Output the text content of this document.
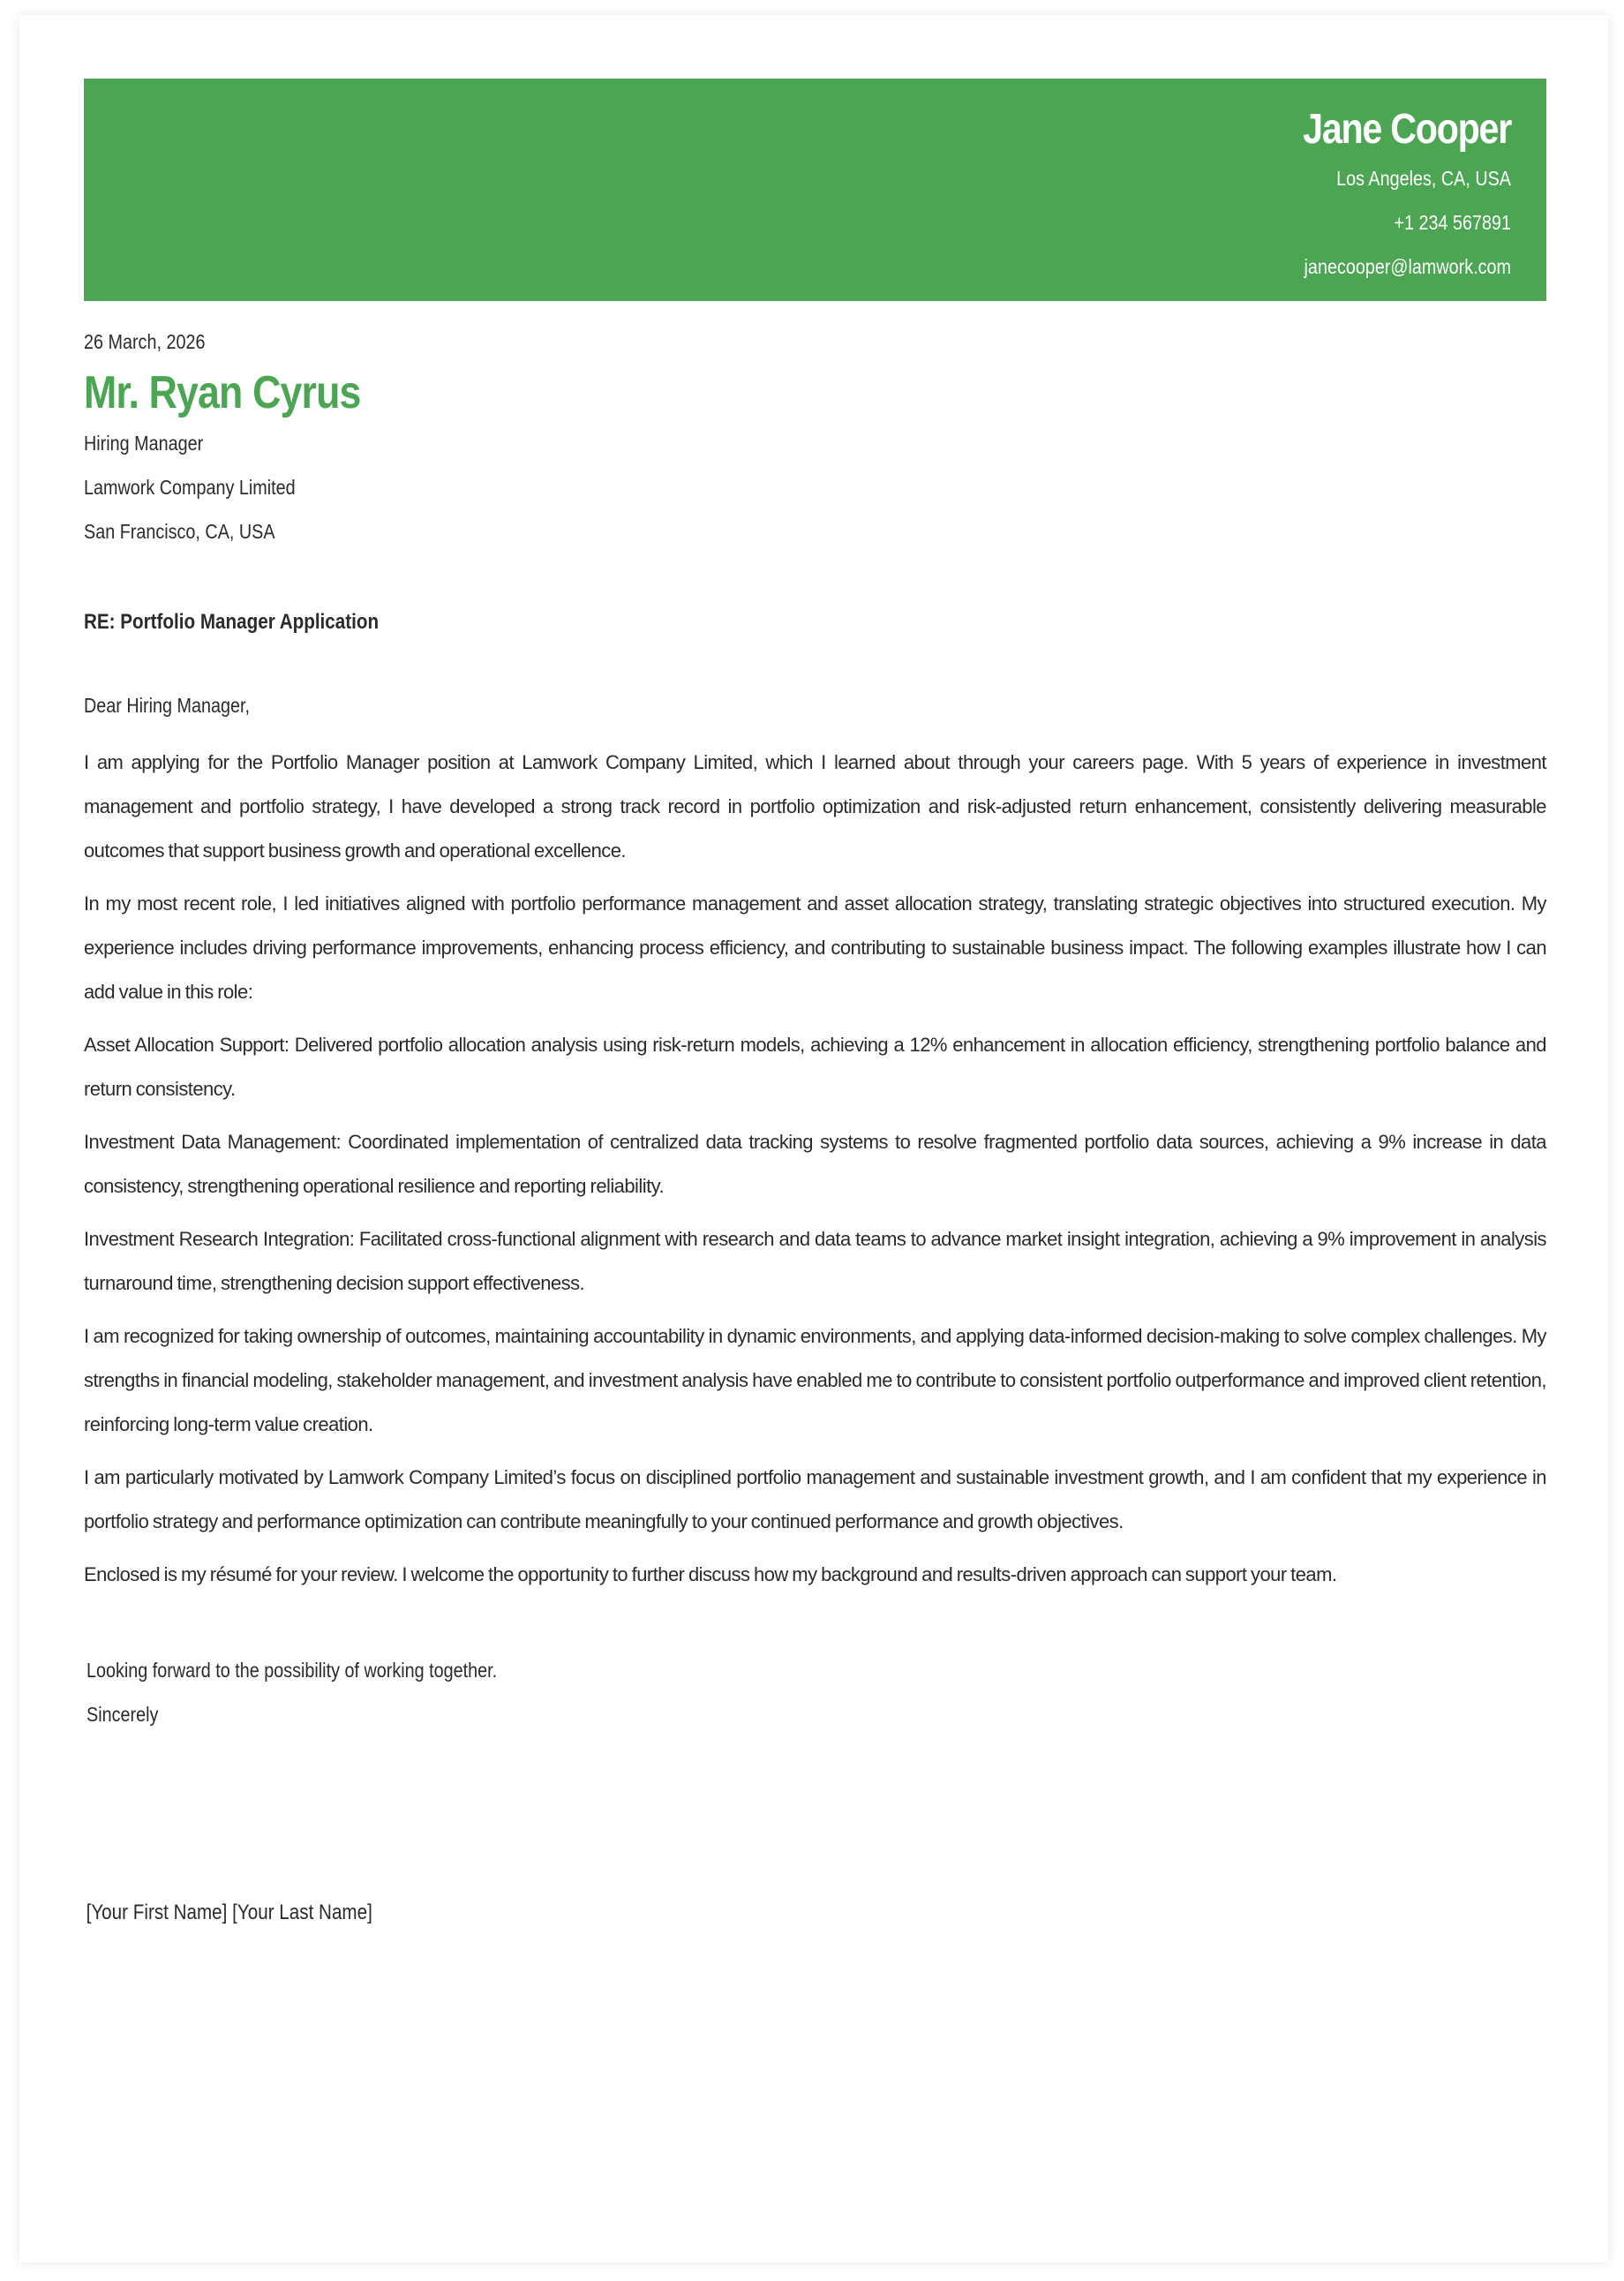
Jane Cooper
Los Angeles, CA, USA
+1 234 567891
janecooper@lamwork.com
26 March, 2026
Mr. Ryan Cyrus
Hiring Manager
Lamwork Company Limited
San Francisco, CA, USA
RE: Portfolio Manager Application
Dear Hiring Manager,

I am applying for the Portfolio Manager position at Lamwork Company Limited, which I learned about through your careers page. With 5 years of experience in investment management and portfolio strategy, I have developed a strong track record in portfolio optimization and risk-adjusted return enhancement, consistently delivering measurable outcomes that support business growth and operational excellence.

In my most recent role, I led initiatives aligned with portfolio performance management and asset allocation strategy, translating strategic objectives into structured execution. My experience includes driving performance improvements, enhancing process efficiency, and contributing to sustainable business impact. The following examples illustrate how I can add value in this role:

Asset Allocation Support: Delivered portfolio allocation analysis using risk-return models, achieving a 12% enhancement in allocation efficiency, strengthening portfolio balance and return consistency.

Investment Data Management: Coordinated implementation of centralized data tracking systems to resolve fragmented portfolio data sources, achieving a 9% increase in data consistency, strengthening operational resilience and reporting reliability.

Investment Research Integration: Facilitated cross-functional alignment with research and data teams to advance market insight integration, achieving a 9% improvement in analysis turnaround time, strengthening decision support effectiveness.

I am recognized for taking ownership of outcomes, maintaining accountability in dynamic environments, and applying data-informed decision-making to solve complex challenges. My strengths in financial modeling, stakeholder management, and investment analysis have enabled me to contribute to consistent portfolio outperformance and improved client retention, reinforcing long-term value creation.

I am particularly motivated by Lamwork Company Limited’s focus on disciplined portfolio management and sustainable investment growth, and I am confident that my experience in portfolio strategy and performance optimization can contribute meaningfully to your continued performance and growth objectives.

Enclosed is my résumé for your review. I welcome the opportunity to further discuss how my background and results-driven approach can support your team.

Looking forward to the possibility of working together.
Sincerely
[Your First Name] [Your Last Name]
